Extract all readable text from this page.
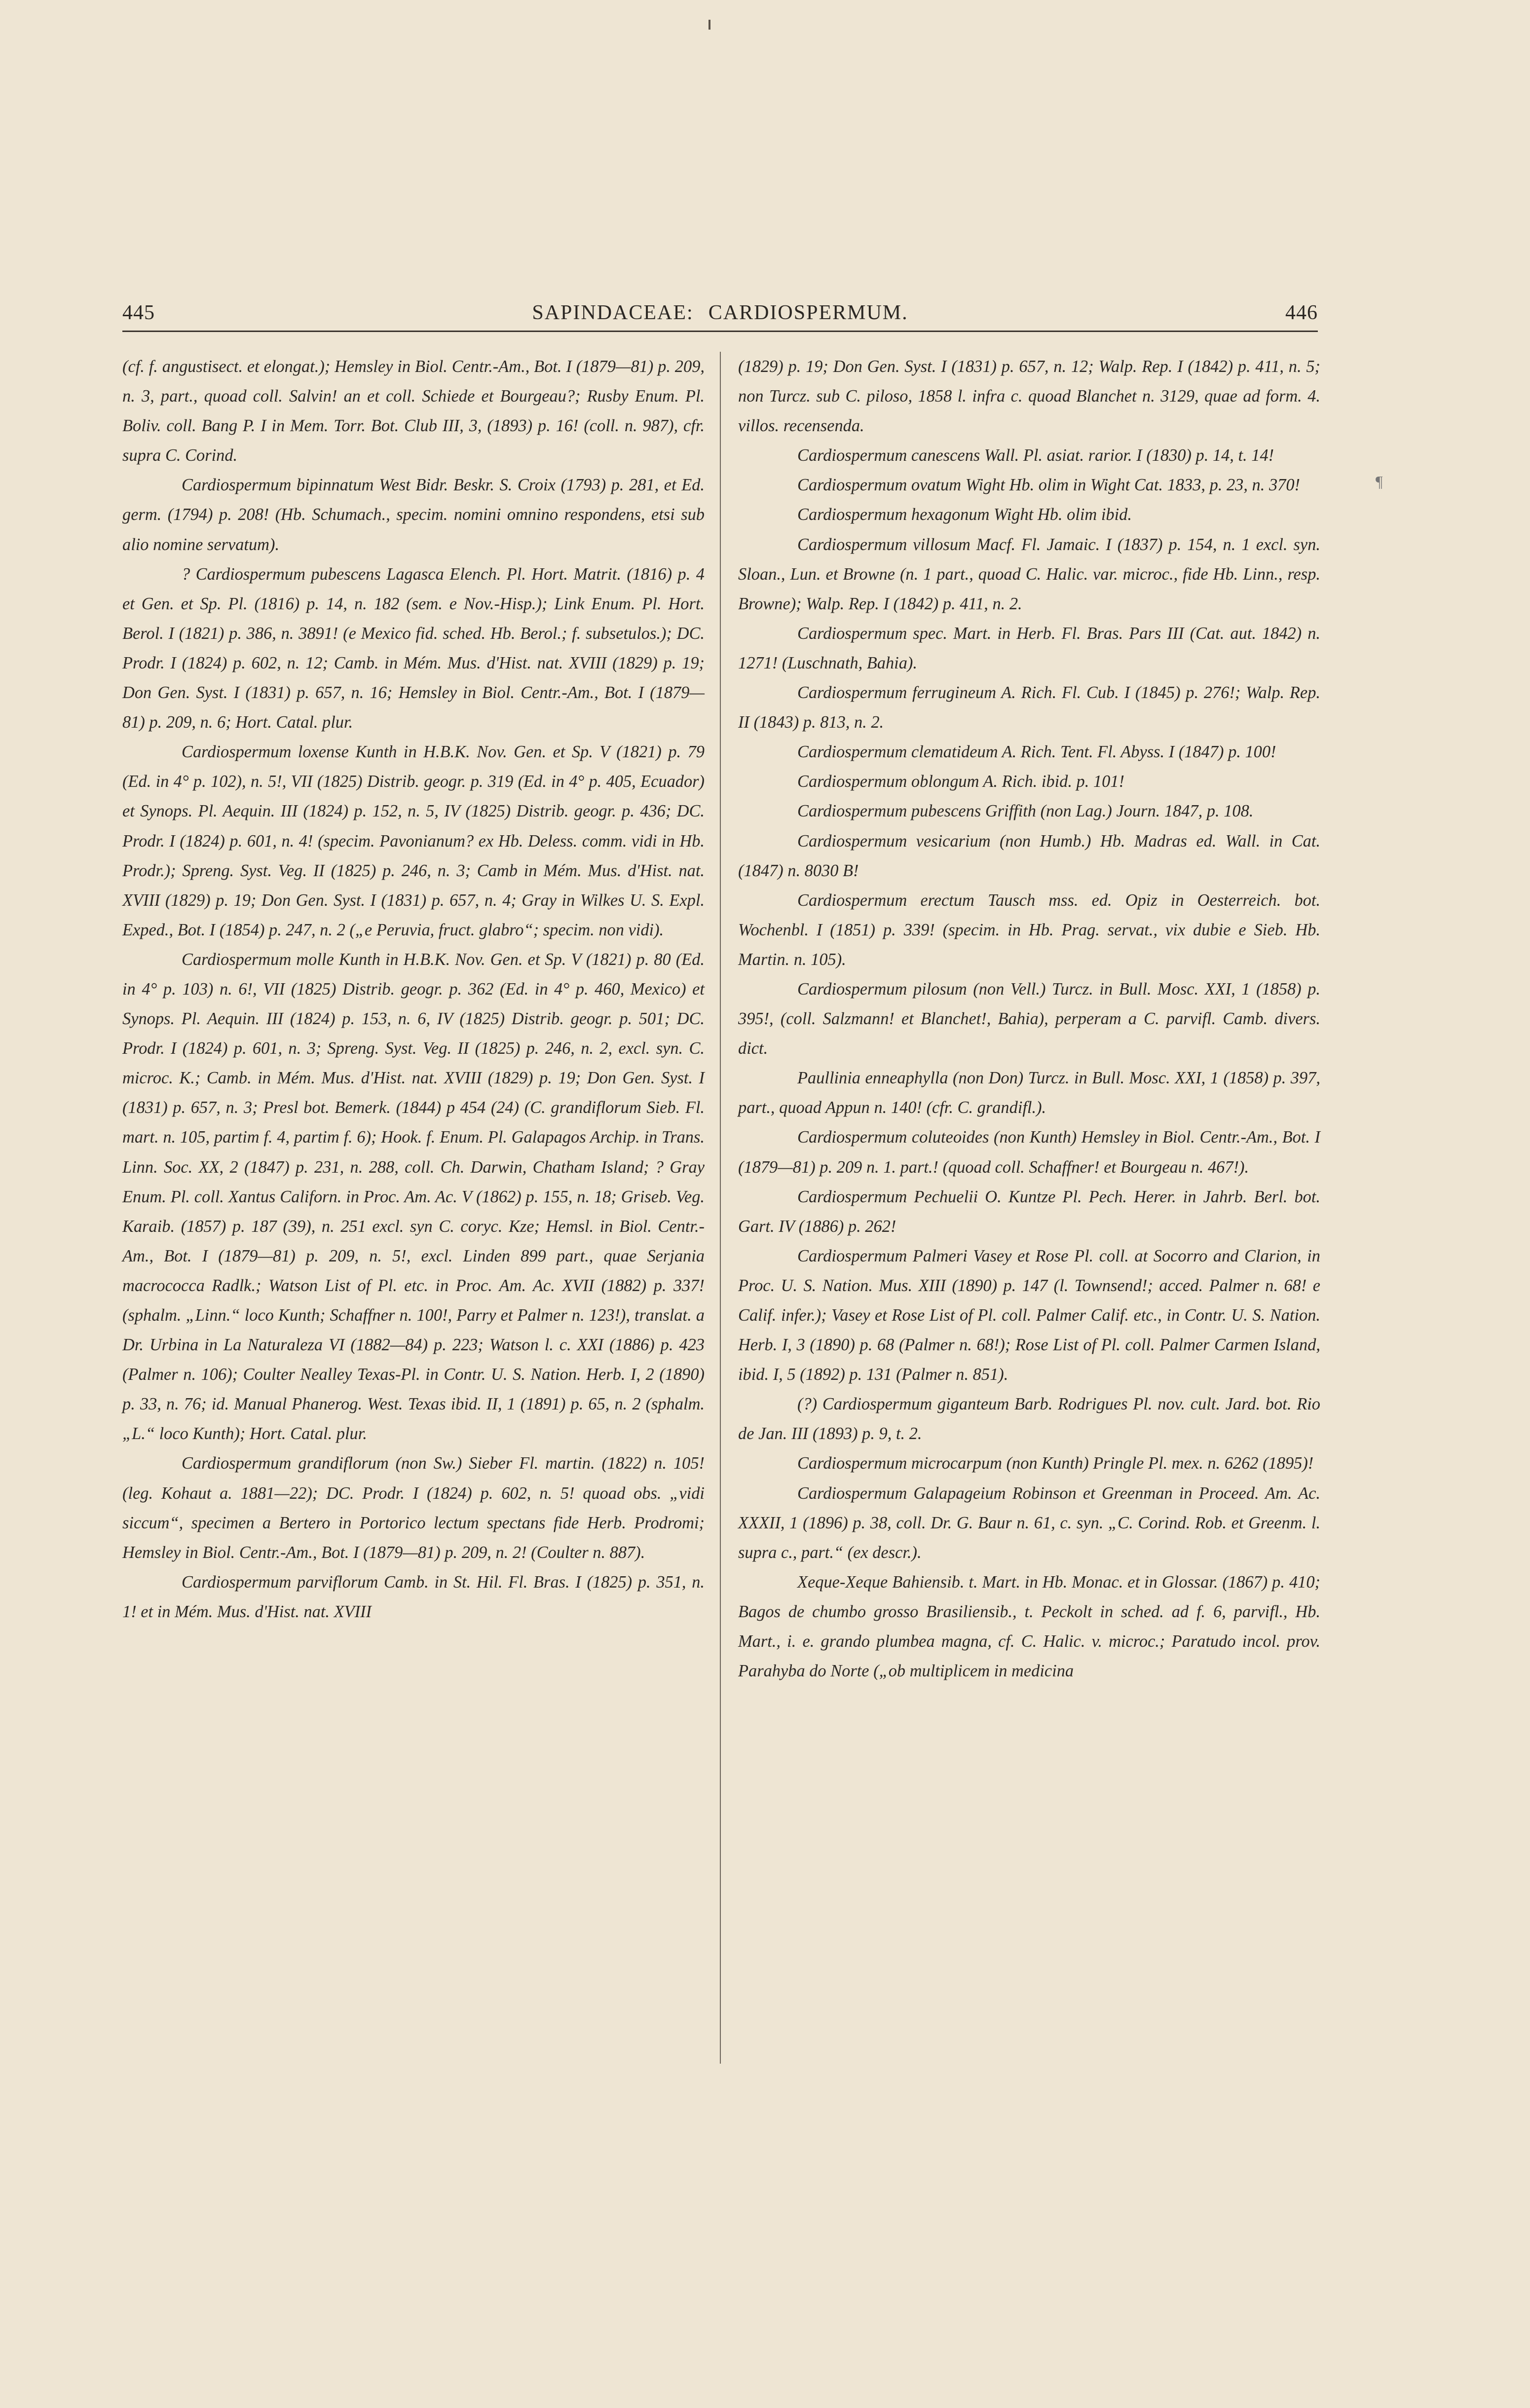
445	SAPINDACEAE: CARDIOSPERMUM.	446

(cf. f. angustisect. et elongat.); Hemsley in Biol. Centr.-Am., Bot. I (1879—81) p. 209, n. 3, part., quoad coll. Salvin! an et coll. Schiede et Bourgeau?; Rusby Enum. Pl. Boliv. coll. Bang P. I in Mem. Torr. Bot. Club III, 3, (1893) p. 16! (coll. n. 987), cfr. supra C. Corind.

Cardiospermum bipinnatum West Bidr. Beskr. S. Croix (1793) p. 281, et Ed. germ. (1794) p. 208! (Hb. Schumach., specim. nomini omnino respondens, etsi sub alio nomine servatum).

? Cardiospermum pubescens Lagasca Elench. Pl. Hort. Matrit. (1816) p. 4 et Gen. et Sp. Pl. (1816) p. 14, n. 182 (sem. e Nov.-Hisp.); Link Enum. Pl. Hort. Berol. I (1821) p. 386, n. 3891! (e Mexico fid. sched. Hb. Berol.; f. subsetulos.); DC. Prodr. I (1824) p. 602, n. 12; Camb. in Mém. Mus. d'Hist. nat. XVIII (1829) p. 19; Don Gen. Syst. I (1831) p. 657, n. 16; Hemsley in Biol. Centr.-Am., Bot. I (1879— 81) p. 209, n. 6; Hort. Catal. plur.

Cardiospermum loxense Kunth in H.B.K. Nov. Gen. et Sp. V (1821) p. 79 (Ed. in 4° p. 102), n. 5!, VII (1825) Distrib. geogr. p. 319 (Ed. in 4° p. 405, Ecuador) et Synops. Pl. Aequin. III (1824) p. 152, n. 5, IV (1825) Distrib. geogr. p. 436; DC. Prodr. I (1824) p. 601, n. 4! (specim. Pavonianum? ex Hb. Deless. comm. vidi in Hb. Prodr.); Spreng. Syst. Veg. II (1825) p. 246, n. 3; Camb in Mém. Mus. d'Hist. nat. XVIII (1829) p. 19; Don Gen. Syst. I (1831) p. 657, n. 4; Gray in Wilkes U. S. Expl. Exped., Bot. I (1854) p. 247, n. 2 („e Peruvia, fruct. glabro“; specim. non vidi).

Cardiospermum molle Kunth in H.B.K. Nov. Gen. et Sp. V (1821) p. 80 (Ed. in 4° p. 103) n. 6!, VII (1825) Distrib. geogr. p. 362 (Ed. in 4° p. 460, Mexico) et Synops. Pl. Aequin. III (1824) p. 153, n. 6, IV (1825) Distrib. geogr. p. 501; DC. Prodr. I (1824) p. 601, n. 3; Spreng. Syst. Veg. II (1825) p. 246, n. 2, excl. syn. C. microc. K.; Camb. in Mém. Mus. d'Hist. nat. XVIII (1829) p. 19; Don Gen. Syst. I (1831) p. 657, n. 3; Presl bot. Bemerk. (1844) p 454 (24) (C. grandiflorum Sieb. Fl. mart. n. 105, partim f. 4, partim f. 6); Hook. f. Enum. Pl. Galapagos Archip. in Trans. Linn. Soc. XX, 2 (1847) p. 231, n. 288, coll. Ch. Darwin, Chatham Island; ? Gray Enum. Pl. coll. Xantus Californ. in Proc. Am. Ac. V (1862) p. 155, n. 18; Griseb. Veg. Karaib. (1857) p. 187 (39), n. 251 excl. syn C. coryc. Kze; Hemsl. in Biol. Centr.-Am., Bot. I (1879—81) p. 209, n. 5!, excl. Linden 899 part., quae Serjania macrococca Radlk.; Watson List of Pl. etc. in Proc. Am. Ac. XVII (1882) p. 337! (sphalm. „Linn.“ loco Kunth; Schaffner n. 100!, Parry et Palmer n. 123!), translat. a Dr. Urbina in La Naturaleza VI (1882—84) p. 223; Watson l. c. XXI (1886) p. 423 (Palmer n. 106); Coulter Nealley Texas-Pl. in Contr. U. S. Nation. Herb. I, 2 (1890) p. 33, n. 76; id. Manual Phanerog. West. Texas ibid. II, 1 (1891) p. 65, n. 2 (sphalm. „L.“ loco Kunth); Hort. Catal. plur.

Cardiospermum grandiflorum (non Sw.) Sieber Fl. martin. (1822) n. 105! (leg. Kohaut a. 1881—22); DC. Prodr. I (1824) p. 602, n. 5! quoad obs. „vidi siccum“, specimen a Bertero in Portorico lectum spectans fide Herb. Prodromi; Hemsley in Biol. Centr.-Am., Bot. I (1879—81) p. 209, n. 2! (Coulter n. 887).

Cardiospermum parviflorum Camb. in St. Hil. Fl. Bras. I (1825) p. 351, n. 1! et in Mém. Mus. d'Hist. nat. XVIII

(1829) p. 19; Don Gen. Syst. I (1831) p. 657, n. 12; Walp. Rep. I (1842) p. 411, n. 5; non Turcz. sub C. piloso, 1858 l. infra c. quoad Blanchet n. 3129, quae ad form. 4. villos. recensenda.

Cardiospermum canescens Wall. Pl. asiat. rarior. I (1830) p. 14, t. 14!

Cardiospermum ovatum Wight Hb. olim in Wight Cat. 1833, p. 23, n. 370!

Cardiospermum hexagonum Wight Hb. olim ibid.

Cardiospermum villosum Macf. Fl. Jamaic. I (1837) p. 154, n. 1 excl. syn. Sloan., Lun. et Browne (n. 1 part., quoad C. Halic. var. microc., fide Hb. Linn., resp. Browne); Walp. Rep. I (1842) p. 411, n. 2.

Cardiospermum spec. Mart. in Herb. Fl. Bras. Pars III (Cat. aut. 1842) n. 1271! (Luschnath, Bahia).

Cardiospermum ferrugineum A. Rich. Fl. Cub. I (1845) p. 276!; Walp. Rep. II (1843) p. 813, n. 2.

Cardiospermum clematideum A. Rich. Tent. Fl. Abyss. I (1847) p. 100!

Cardiospermum oblongum A. Rich. ibid. p. 101!

Cardiospermum pubescens Griffith (non Lag.) Journ. 1847, p. 108.

Cardiospermum vesicarium (non Humb.) Hb. Madras ed. Wall. in Cat. (1847) n. 8030 B!

Cardiospermum erectum Tausch mss. ed. Opiz in Oesterreich. bot. Wochenbl. I (1851) p. 339! (specim. in Hb. Prag. servat., vix dubie e Sieb. Hb. Martin. n. 105).

Cardiospermum pilosum (non Vell.) Turcz. in Bull. Mosc. XXI, 1 (1858) p. 395!, (coll. Salzmann! et Blanchet!, Bahia), perperam a C. parvifl. Camb. divers. dict.

Paullinia enneaphylla (non Don) Turcz. in Bull. Mosc. XXI, 1 (1858) p. 397, part., quoad Appun n. 140! (cfr. C. grandifl.).

Cardiospermum coluteoides (non Kunth) Hemsley in Biol. Centr.-Am., Bot. I (1879—81) p. 209 n. 1. part.! (quoad coll. Schaffner! et Bourgeau n. 467!).

Cardiospermum Pechuelii O. Kuntze Pl. Pech. Herer. in Jahrb. Berl. bot. Gart. IV (1886) p. 262!

Cardiospermum Palmeri Vasey et Rose Pl. coll. at Socorro and Clarion, in Proc. U. S. Nation. Mus. XIII (1890) p. 147 (l. Townsend!; acced. Palmer n. 68! e Calif. infer.); Vasey et Rose List of Pl. coll. Palmer Calif. etc., in Contr. U. S. Nation. Herb. I, 3 (1890) p. 68 (Palmer n. 68!); Rose List of Pl. coll. Palmer Carmen Island, ibid. I, 5 (1892) p. 131 (Palmer n. 851).

(?) Cardiospermum giganteum Barb. Rodrigues Pl. nov. cult. Jard. bot. Rio de Jan. III (1893) p. 9, t. 2.

Cardiospermum microcarpum (non Kunth) Pringle Pl. mex. n. 6262 (1895)!

Cardiospermum Galapageium Robinson et Greenman in Proceed. Am. Ac. XXXII, 1 (1896) p. 38, coll. Dr. G. Baur n. 61, c. syn. „C. Corind. Rob. et Greenm. l. supra c., part.“ (ex descr.).

Xeque-Xeque Bahiensib. t. Mart. in Hb. Monac. et in Glossar. (1867) p. 410; Bagos de chumbo grosso Brasiliensib., t. Peckolt in sched. ad f. 6, parvifl., Hb. Mart., i. e. grando plumbea magna, cf. C. Halic. v. microc.; Paratudo incol. prov. Parahyba do Norte („ob multiplicem in medicina

¶
